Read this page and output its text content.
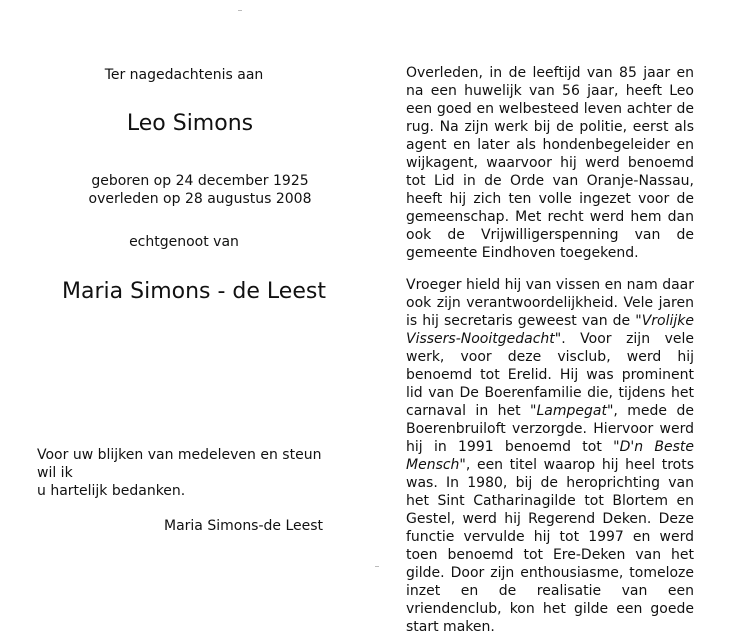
Ter nagedachtenis aan
Leo Simons
geboren op 24 december 1925
overleden op 28 augustus 2008
echtgenoot van
Maria Simons - de Leest
Voor uw blijken van medeleven en steun wil ik
u hartelijk bedanken.
Maria Simons-de Leest

Overleden, in de leeftijd van 85 jaar en na een huwelijk van 56 jaar, heeft Leo een goed en welbesteed leven achter de rug. Na zijn werk bij de politie, eerst als agent en later als hondenbegeleider en wijkagent, waarvoor hij werd benoemd tot Lid in de Orde van Oranje-Nassau, heeft hij zich ten volle ingezet voor de gemeenschap. Met recht werd hem dan ook de Vrijwilligerspenning van de gemeente Eindhoven toegekend.

Vroeger hield hij van vissen en nam daar ook zijn verantwoordelijkheid. Vele jaren is hij secretaris geweest van de "Vrolijke Vissers-Nooitgedacht". Voor zijn vele werk, voor deze visclub, werd hij benoemd tot Erelid. Hij was prominent lid van De Boerenfamilie die, tijdens het carnaval in het "Lampegat", mede de Boerenbruiloft verzorgde. Hiervoor werd hij in 1991 benoemd tot "D'n Beste Mensch", een titel waarop hij heel trots was. In 1980, bij de heroprichting van het Sint Catharinagilde tot Blortem en Gestel, werd hij Regerend Deken. Deze functie vervulde hij tot 1997 en werd toen benoemd tot Ere-Deken van het gilde. Door zijn enthousiasme, tomeloze inzet en de realisatie van een vriendenclub, kon het gilde een goede start maken.
